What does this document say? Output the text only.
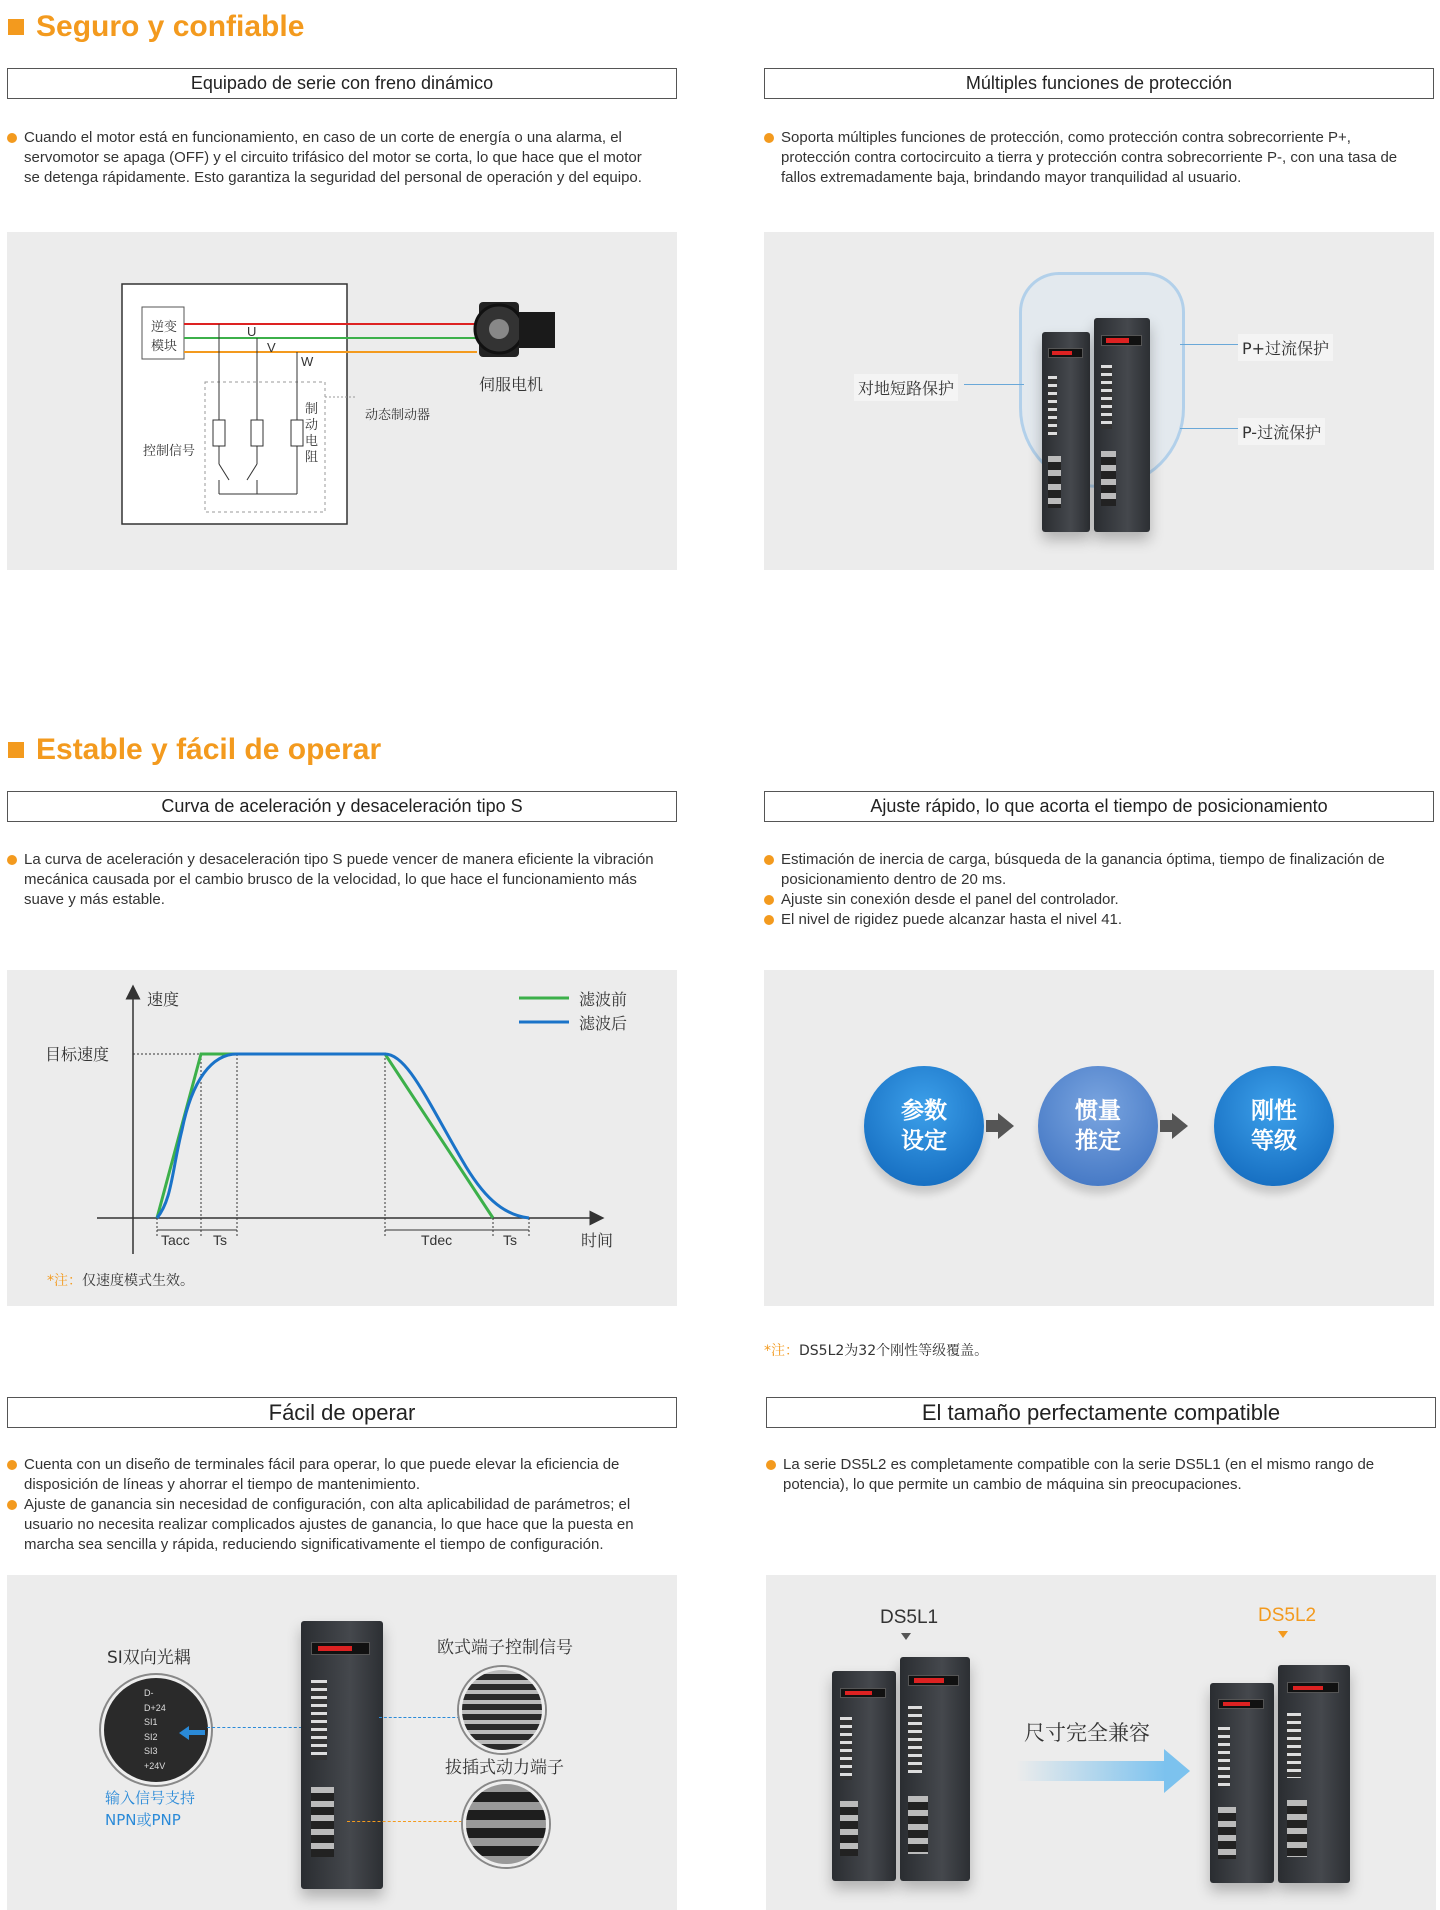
Seguro y confiable
Equipado de serie con freno dinámico
Cuando el motor está en funcionamiento, en caso de un corte de energía o una alarma, el servomotor se apaga (OFF) y el circuito trifásico del motor se corta, lo que hace que el motor se detenga rápidamente. Esto garantiza la seguridad del personal de operación y del equipo.
逆变
模块
U
V
W
伺服电机
制
动
电
阻
动态制动器
控制信号
Múltiples funciones de protección
Soporta múltiples funciones de protección, como protección contra sobrecorriente P+, protección contra cortocircuito a tierra y protección contra sobrecorriente P-, con una tasa de fallos extremadamente baja, brindando mayor tranquilidad al usuario.
对地短路保护
P+过流保护
P-过流保护
Estable y fácil de operar
Curva de aceleración y desaceleración tipo S
La curva de aceleración y desaceleración tipo S puede vencer de manera eficiente la vibración mecánica causada por el cambio brusco de la velocidad, lo que hace el funcionamiento más suave y más estable.
速度
目标速度
滤波前
滤波后
Tacc Ts	Tdec	Ts	时间
*注：仅速度模式生效。
Ajuste rápido, lo que acorta el tiempo de posicionamiento
Estimación de inercia de carga, búsqueda de la ganancia óptima, tiempo de finalización de posicionamiento dentro de 20 ms.
Ajuste sin conexión desde el panel del controlador.
El nivel de rigidez puede alcanzar hasta el nivel 41.
参数
设定
惯量
推定
刚性
等级
*注：DS5L2为32个刚性等级覆盖。
Fácil de operar
Cuenta con un diseño de terminales fácil para operar, lo que puede elevar la eficiencia de disposición de líneas y ahorrar el tiempo de mantenimiento.
Ajuste de ganancia sin necesidad de configuración, con alta aplicabilidad de parámetros; el usuario no necesita realizar complicados ajustes de ganancia, lo que hace que la puesta en marcha sea sencilla y rápida, reduciendo significativamente el tiempo de configuración.
SI双向光耦
D-
D+24
SI1
SI2
SI3
+24V
输入信号支持
NPN或PNP
欧式端子控制信号
拔插式动力端子
El tamaño perfectamente compatible
La serie DS5L2 es completamente compatible con la serie DS5L1 (en el mismo rango de potencia), lo que permite un cambio de máquina sin preocupaciones.
DS5L1	DS5L2
尺寸完全兼容
